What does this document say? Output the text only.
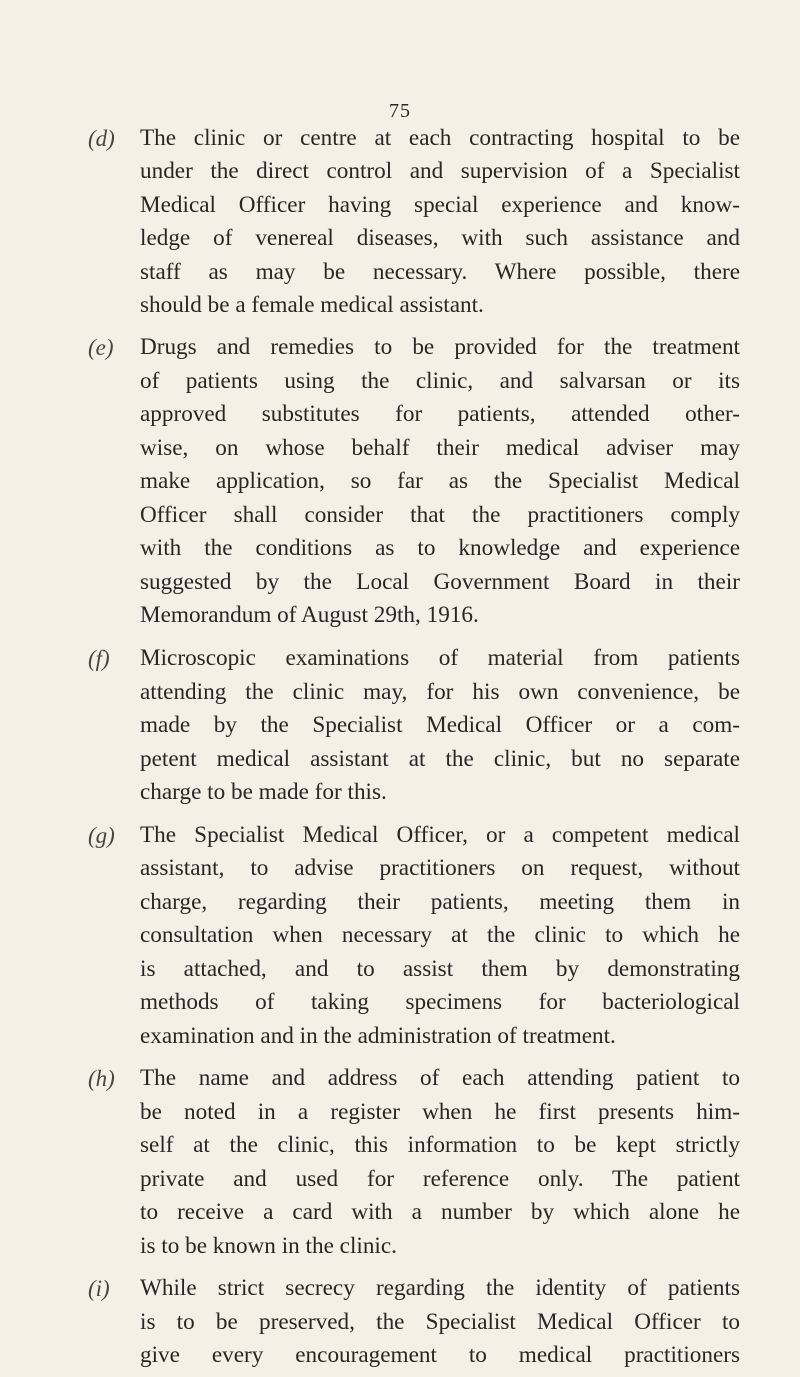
75
(d) The clinic or centre at each contracting hospital to be
under the direct control and supervision of a Specialist
Medical Officer having special experience and know-
ledge of venereal diseases, with such assistance and
staff as may be necessary. Where possible, there
should be a female medical assistant.
(e) Drugs and remedies to be provided for the treatment
of patients using the clinic, and salvarsan or its
approved substitutes for patients, attended other-
wise, on whose behalf their medical adviser may
make application, so far as the Specialist Medical
Officer shall consider that the practitioners comply
with the conditions as to knowledge and experience
suggested by the Local Government Board in their
Memorandum of August 29th, 1916.
(f) Microscopic examinations of material from patients
attending the clinic may, for his own convenience, be
made by the Specialist Medical Officer or a com-
petent medical assistant at the clinic, but no separate
charge to be made for this.
(g) The Specialist Medical Officer, or a competent medical
assistant, to advise practitioners on request, without
charge, regarding their patients, meeting them in
consultation when necessary at the clinic to which he
is attached, and to assist them by demonstrating
methods of taking specimens for bacteriological
examination and in the administration of treatment.
(h) The name and address of each attending patient to
be noted in a register when he first presents him-
self at the clinic, this information to be kept strictly
private and used for reference only. The patient
to receive a card with a number by which alone he
is to be known in the clinic.
(i) While strict secrecy regarding the identity of patients
is to be preserved, the Specialist Medical Officer to
give every encouragement to medical practitioners
